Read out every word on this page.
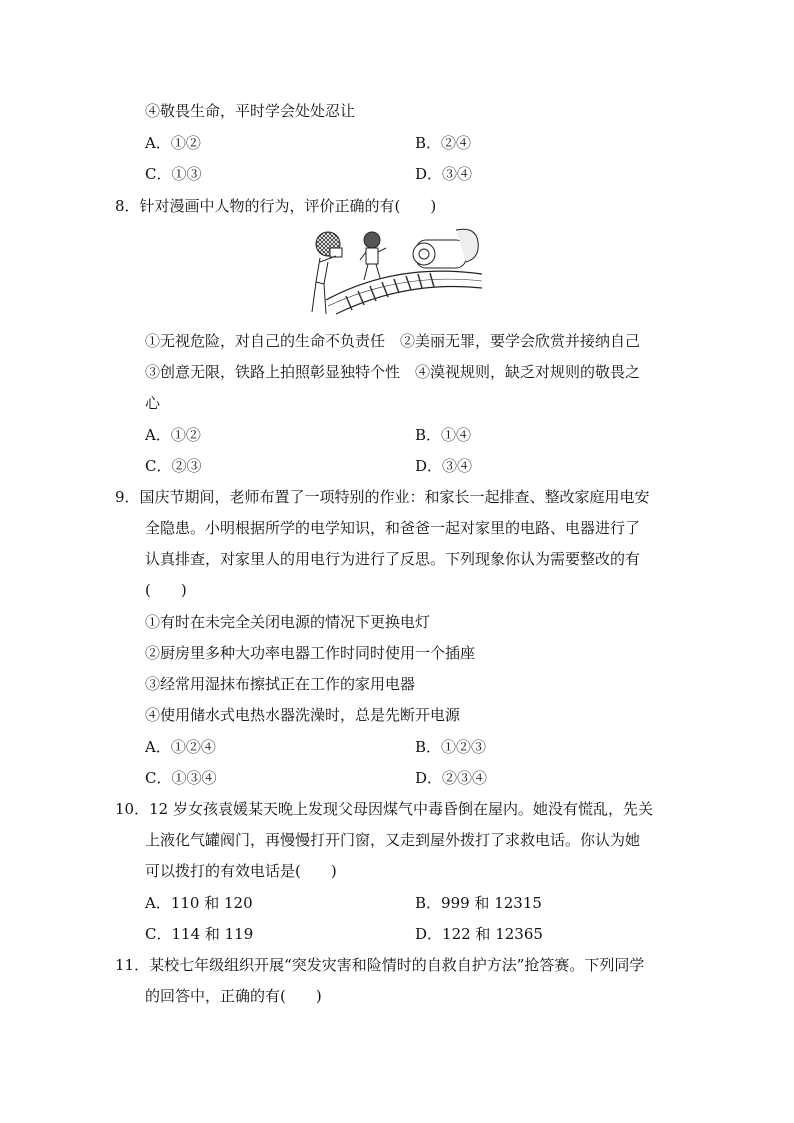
④敬畏生命，平时学会处处忍让
A．①②	B．②④
C．①③	D．③④
8．针对漫画中人物的行为，评价正确的有(　　)
①无视危险，对自己的生命不负责任　②美丽无罪，要学会欣赏并接纳自己
③创意无限，铁路上拍照彰显独特个性　④漠视规则，缺乏对规则的敬畏之
心
A．①②	B．①④
C．②③	D．③④
9．国庆节期间，老师布置了一项特别的作业：和家长一起排查、整改家庭用电安
全隐患。小明根据所学的电学知识，和爸爸一起对家里的电路、电器进行了
认真排查，对家里人的用电行为进行了反思。下列现象你认为需要整改的有
(　　)
①有时在未完全关闭电源的情况下更换电灯
②厨房里多种大功率电器工作时同时使用一个插座
③经常用湿抹布擦拭正在工作的家用电器
④使用储水式电热水器洗澡时，总是先断开电源
A．①②④	B．①②③
C．①③④	D．②③④
10．12 岁女孩袁媛某天晚上发现父母因煤气中毒昏倒在屋内。她没有慌乱，先关
上液化气罐阀门，再慢慢打开门窗，又走到屋外拨打了求救电话。你认为她
可以拨打的有效电话是(　　)
A．110 和 120	B．999 和 12315
C．114 和 119	D．122 和 12365
11．某校七年级组织开展“突发灾害和险情时的自救自护方法”抢答赛。下列同学
的回答中，正确的有(　　)
